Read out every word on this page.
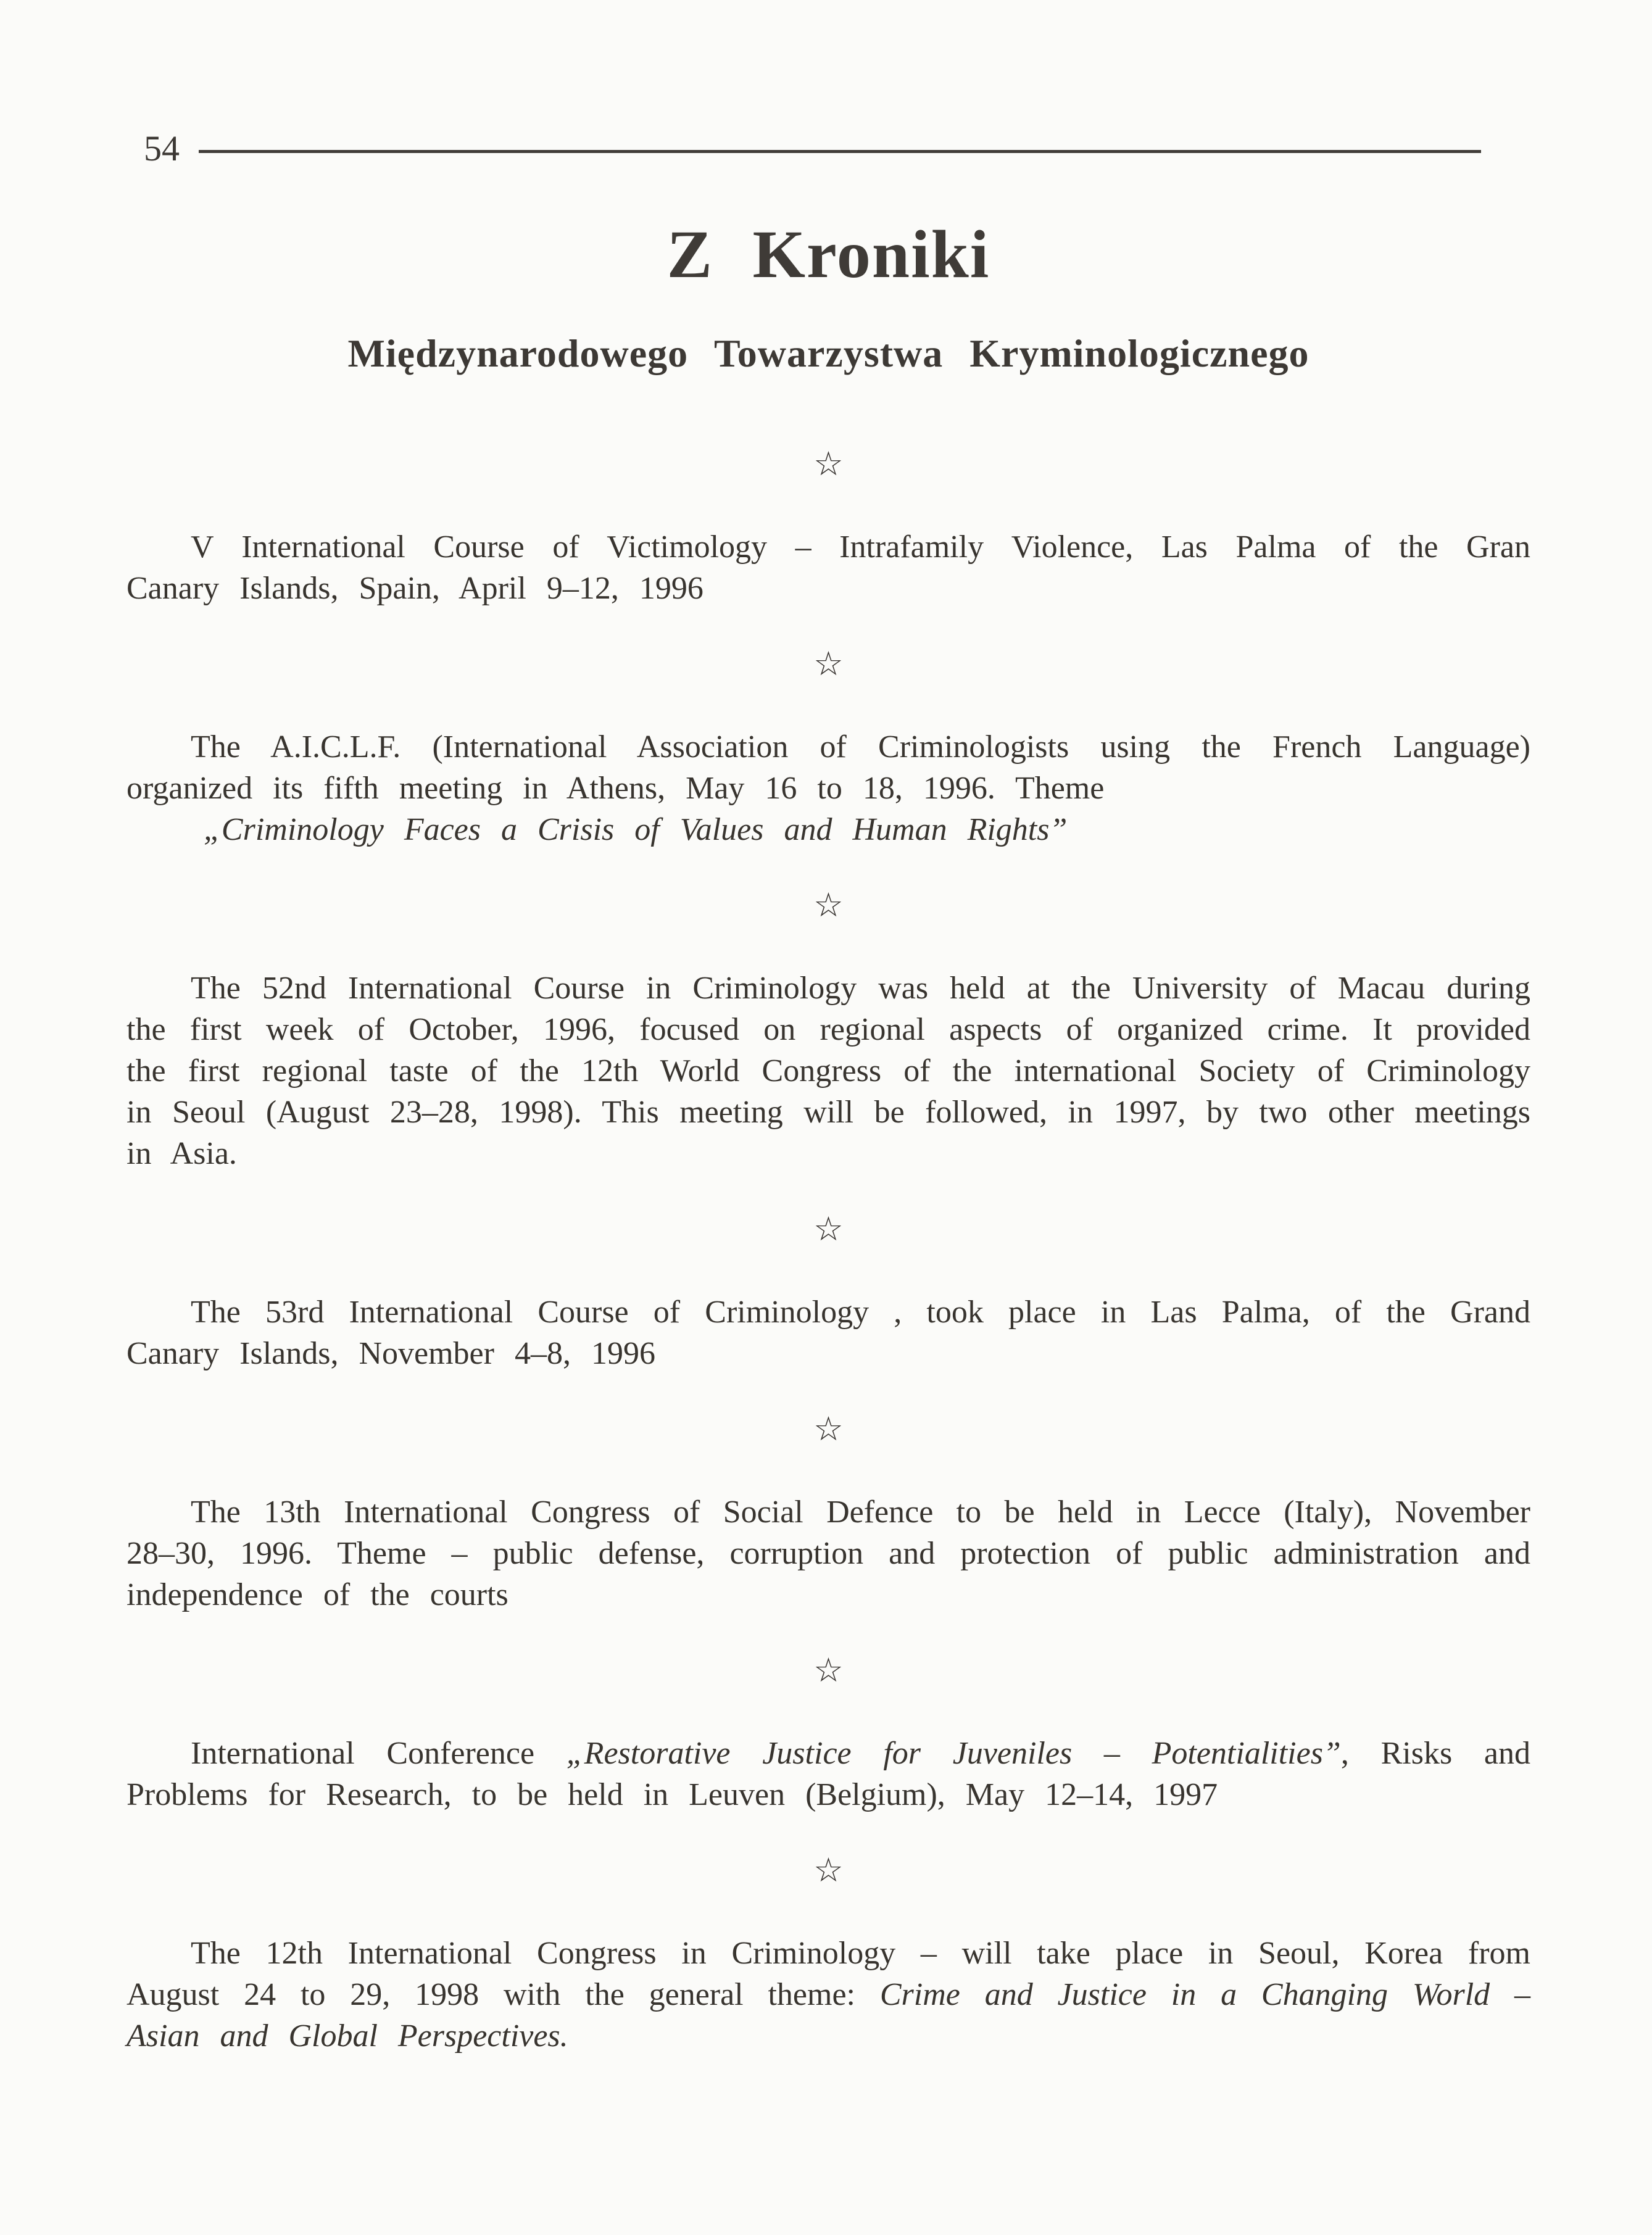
54
Z Kroniki
Międzynarodowego Towarzystwa Kryminologicznego
☆

V International Course of Victimology – Intrafamily Violence, Las Palma of the Gran Canary Islands, Spain, April 9–12, 1996

☆

The A.I.C.L.F. (International Association of Criminologists using the French Language) organized its fifth meeting in Athens, May 16 to 18, 1996. Theme
„Criminology Faces a Crisis of Values and Human Rights”

☆

The 52nd International Course in Criminology was held at the University of Macau during the first week of October, 1996, focused on regional aspects of organized crime. It provided the first regional taste of the 12th World Congress of the international Society of Criminology in Seoul (August 23–28, 1998). This meeting will be followed, in 1997, by two other meetings in Asia.

☆

The 53rd International Course of Criminology , took place in Las Palma, of the Grand Canary Islands, November 4–8, 1996

☆

The 13th International Congress of Social Defence to be held in Lecce (Italy), November 28–30, 1996. Theme – public defense, corruption and protection of public administration and independence of the courts

☆

International Conference „Restorative Justice for Juveniles – Potentialities”, Risks and Problems for Research, to be held in Leuven (Belgium), May 12–14, 1997

☆

The 12th International Congress in Criminology – will take place in Seoul, Korea from August 24 to 29, 1998 with the general theme: Crime and Justice in a Changing World – Asian and Global Perspectives.
